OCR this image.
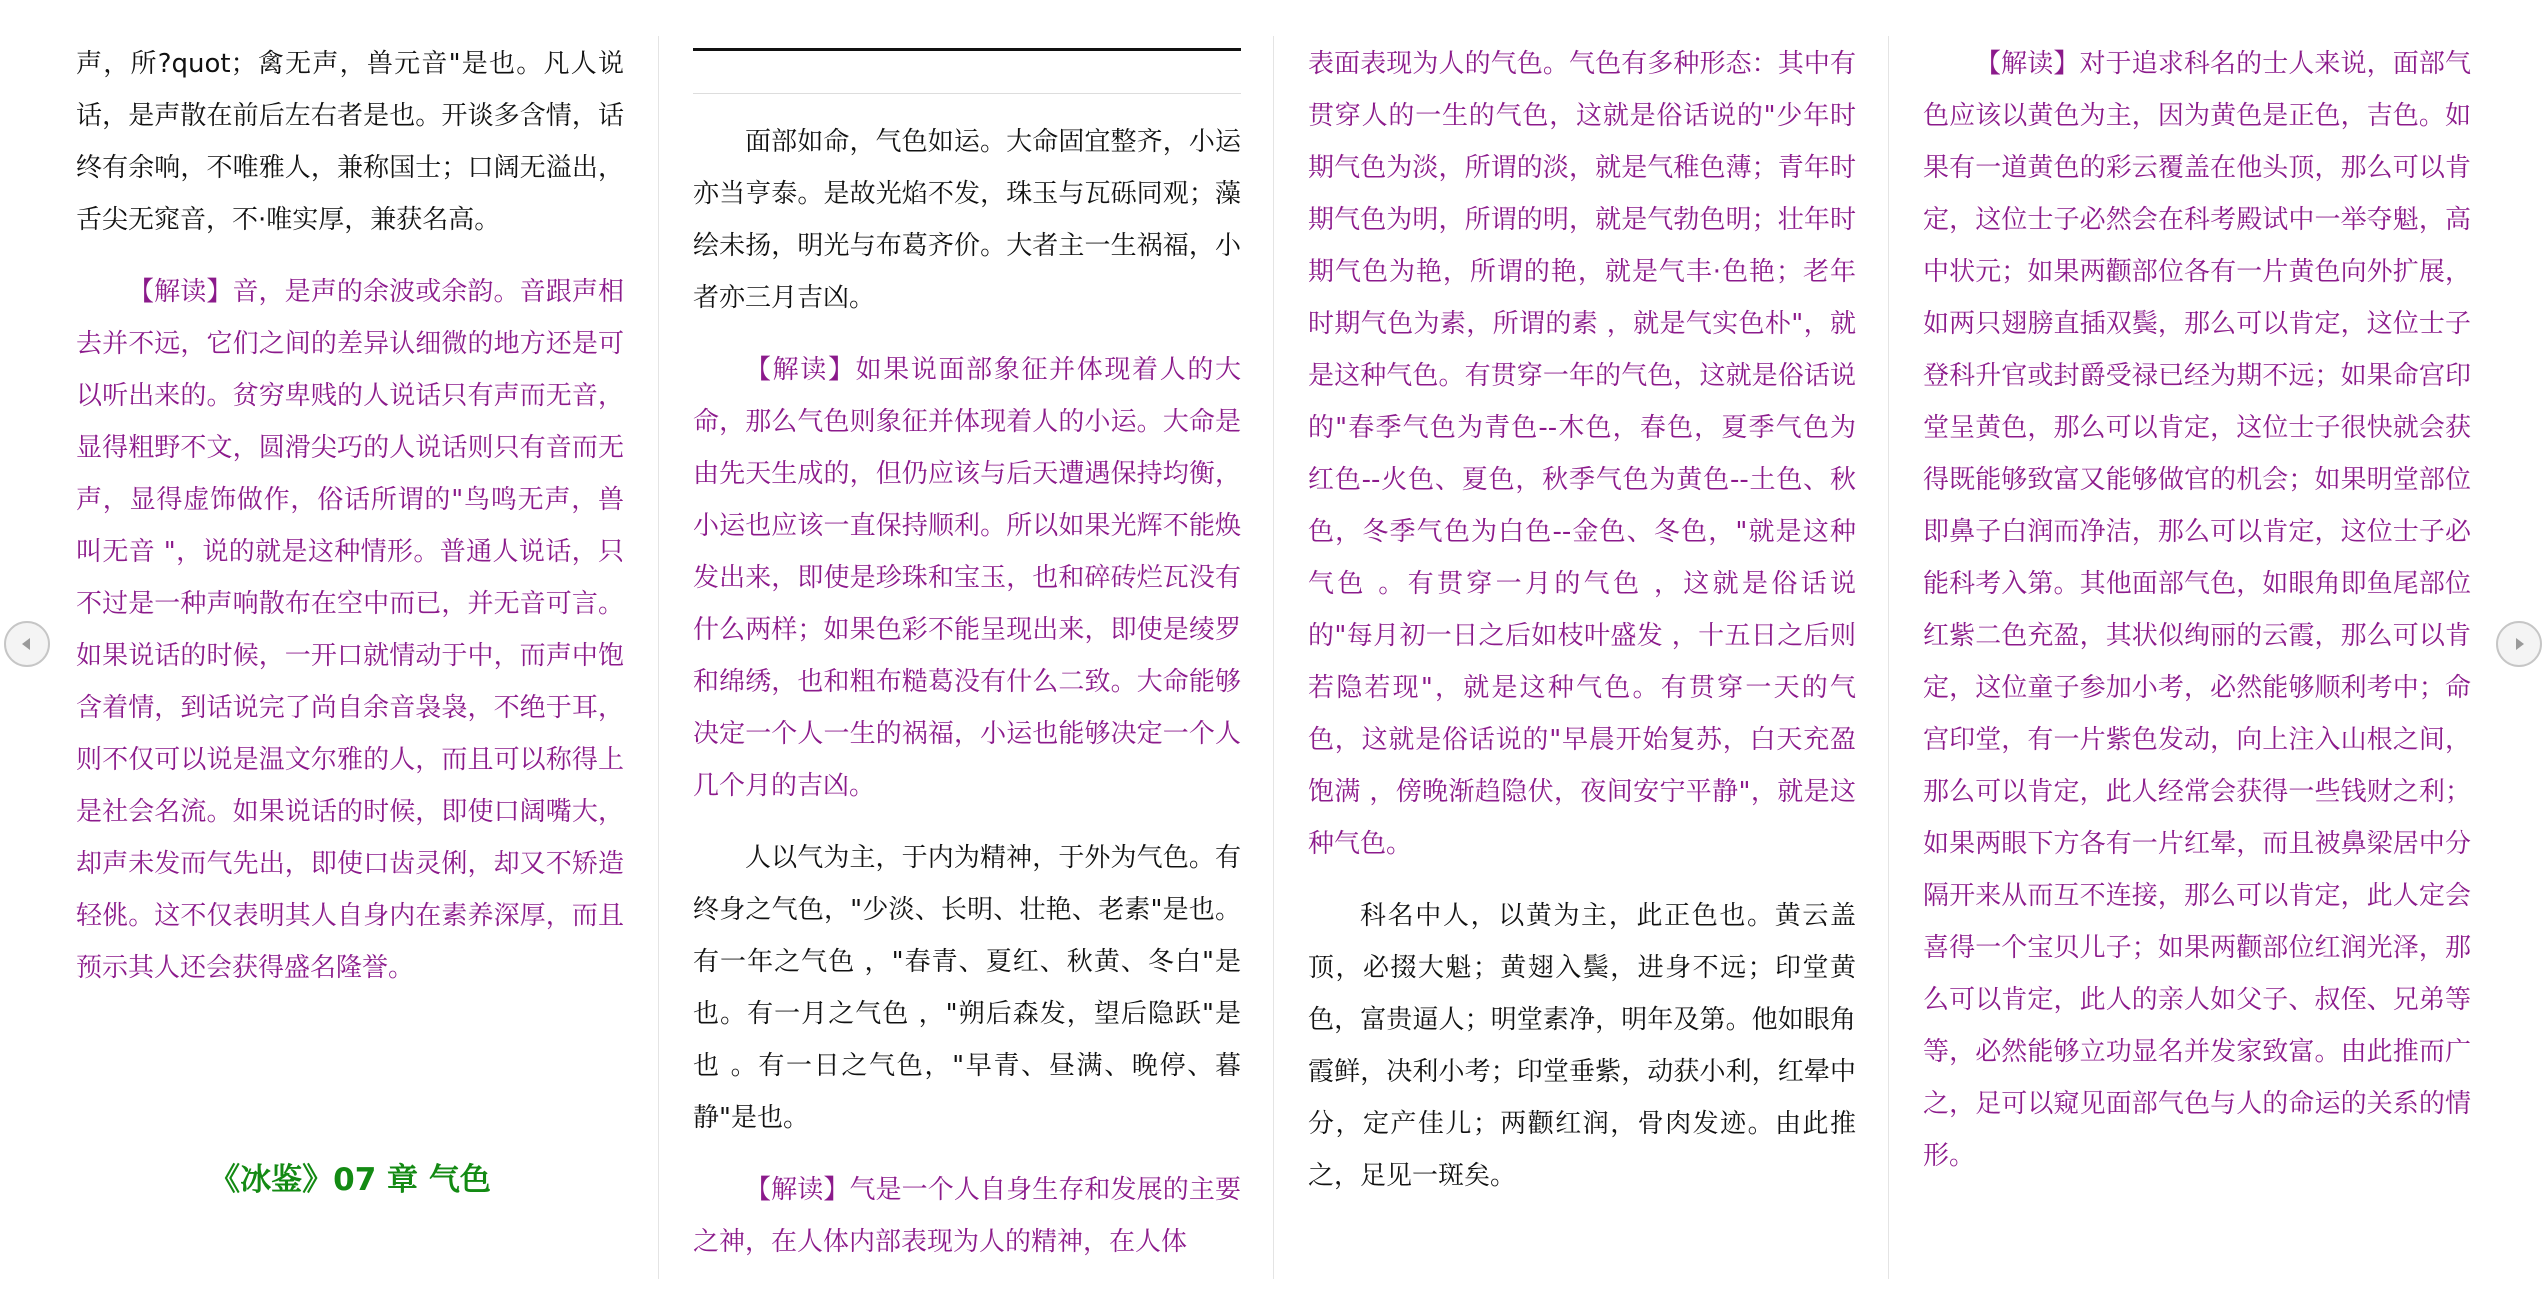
声，所?quot；禽无声，兽元音"是也。凡人说话，是声散在前后左右者是也。开谈多含情，话终有余响，不唯雅人，兼称国士；口阔无溢出，舌尖无窕音，不·唯实厚，兼获名高。

【解读】音，是声的余波或余韵。音跟声相去并不远，它们之间的差异认细微的地方还是可以听出来的。贫穷卑贱的人说话只有声而无音，显得粗野不文，圆滑尖巧的人说话则只有音而无声，显得虚饰做作，俗话所谓的"鸟鸣无声，兽叫无音 "，说的就是这种情形。普通人说话，只不过是一种声响散布在空中而已，并无音可言。如果说话的时候，一开口就情动于中，而声中饱含着情，到话说完了尚自余音袅袅，不绝于耳，则不仅可以说是温文尔雅的人，而且可以称得上是社会名流。如果说话的时候，即使口阔嘴大，却声未发而气先出，即使口齿灵俐，却又不矫造轻佻。这不仅表明其人自身内在素养深厚，而且预示其人还会获得盛名隆誉。

《冰鉴》07 章 气色

面部如命，气色如运。大命固宜整齐，小运亦当亨泰。是故光焰不发，珠玉与瓦砾同观；藻绘未扬，明光与布葛齐价。大者主一生祸福，小者亦三月吉凶。

【解读】如果说面部象征并体现着人的大命，那么气色则象征并体现着人的小运。大命是由先天生成的，但仍应该与后天遭遇保持均衡，小运也应该一直保持顺利。所以如果光辉不能焕发出来，即使是珍珠和宝玉，也和碎砖烂瓦没有什么两样；如果色彩不能呈现出来，即使是绫罗和绵绣，也和粗布糙葛没有什么二致。大命能够决定一个人一生的祸福，小运也能够决定一个人几个月的吉凶。

人以气为主，于内为精神，于外为气色。有终身之气色，"少淡、长明、壮艳、老素"是也。有一年之气色 ，"春青、夏红、秋黄、冬白"是也。有一月之气色 ，"朔后森发，望后隐跃"是也 。有一日之气色，"早青、昼满、晚停、暮静"是也。

【解读】气是一个人自身生存和发展的主要之神，在人体内部表现为人的精神，在人体

表面表现为人的气色。气色有多种形态：其中有贯穿人的一生的气色，这就是俗话说的"少年时期气色为淡，所谓的淡，就是气稚色薄；青年时期气色为明，所谓的明，就是气勃色明；壮年时期气色为艳，所谓的艳，就是气丰·色艳；老年时期气色为素，所谓的素 ，就是气实色朴"，就是这种气色。有贯穿一年的气色，这就是俗话说的"春季气色为青色--木色，春色，夏季气色为红色--火色、夏色，秋季气色为黄色--土色、秋色，冬季气色为白色--金色、冬色，"就是这种气色 。有贯穿一月的气色 ，这就是俗话说的"每月初一日之后如枝叶盛发 ，十五日之后则若隐若现"，就是这种气色。有贯穿一天的气色，这就是俗话说的"早晨开始复苏，白天充盈饱满 ，傍晚渐趋隐伏，夜间安宁平静"，就是这种气色。

科名中人，以黄为主，此正色也。黄云盖顶，必掇大魁；黄翅入鬓，进身不远；印堂黄色，富贵逼人；明堂素净，明年及第。他如眼角霞鲜，决利小考；印堂垂紫，动获小利，红晕中分，定产佳儿；两颧红润，骨肉发迹。由此推之，足见一斑矣。

【解读】对于追求科名的士人来说，面部气色应该以黄色为主，因为黄色是正色，吉色。如果有一道黄色的彩云覆盖在他头顶，那么可以肯定，这位士子必然会在科考殿试中一举夺魁，高中状元；如果两颧部位各有一片黄色向外扩展，如两只翅膀直插双鬓，那么可以肯定，这位士子登科升官或封爵受禄已经为期不远；如果命宫印堂呈黄色，那么可以肯定，这位士子很快就会获得既能够致富又能够做官的机会；如果明堂部位即鼻子白润而净洁，那么可以肯定，这位士子必能科考入第。其他面部气色，如眼角即鱼尾部位红紫二色充盈，其状似绚丽的云霞，那么可以肯定，这位童子参加小考，必然能够顺利考中；命宫印堂，有一片紫色发动，向上注入山根之间，那么可以肯定，此人经常会获得一些钱财之利；如果两眼下方各有一片红晕，而且被鼻梁居中分隔开来从而互不连接，那么可以肯定，此人定会喜得一个宝贝儿子；如果两颧部位红润光泽，那么可以肯定，此人的亲人如父子、叔侄、兄弟等等，必然能够立功显名并发家致富。由此推而广之，足可以窥见面部气色与人的命运的关系的情形。
